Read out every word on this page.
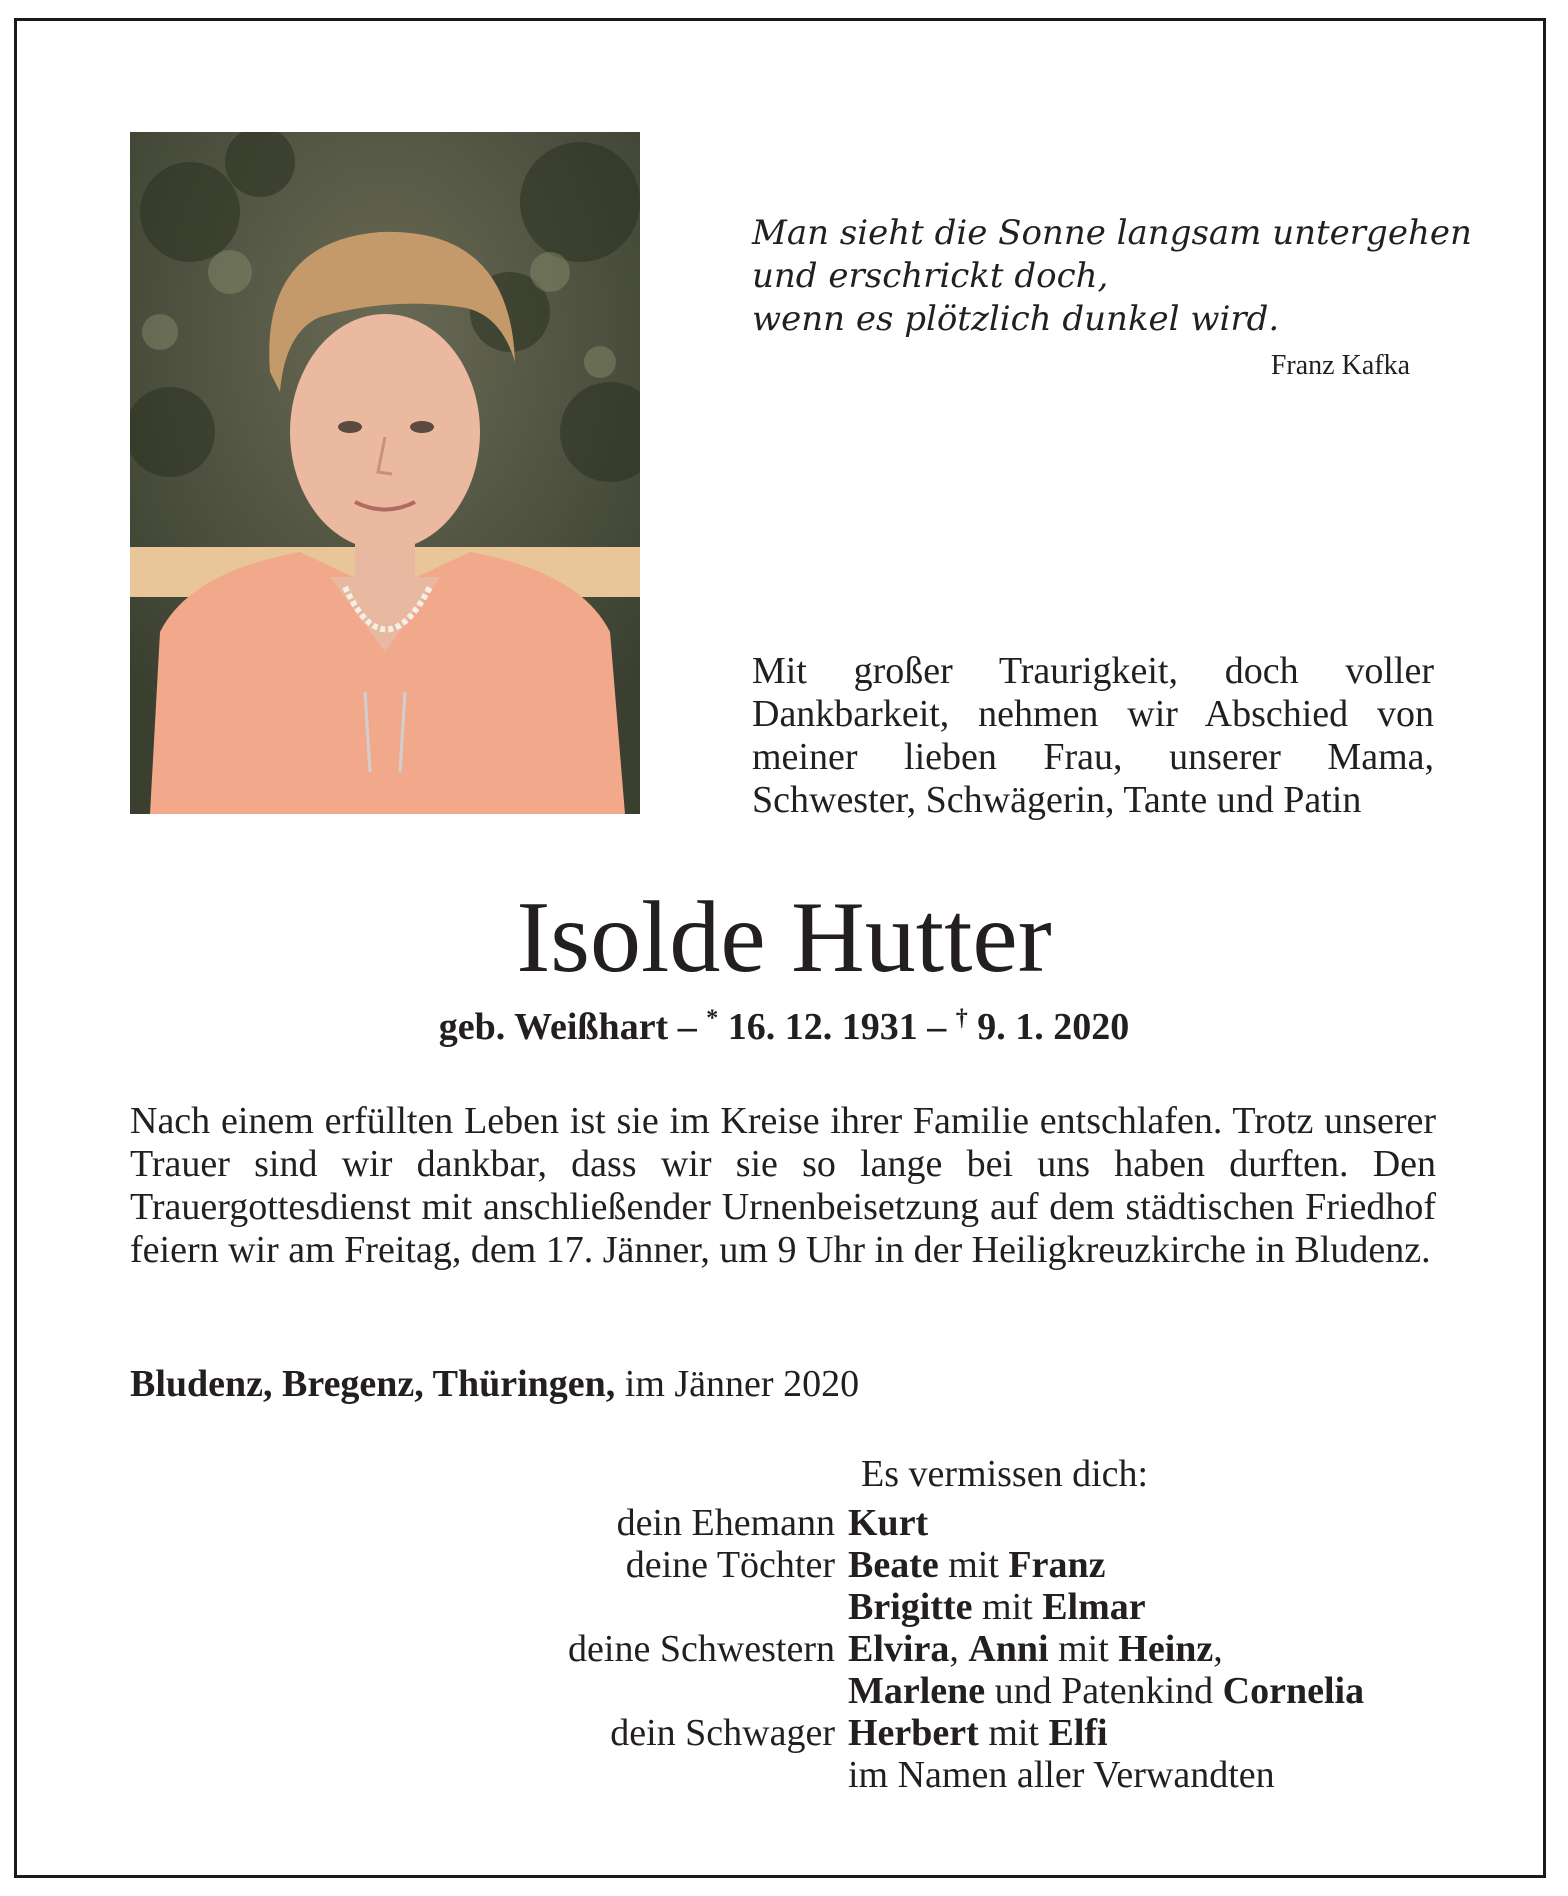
Man sieht die Sonne langsam untergehen
und erschrickt doch,
wenn es plötzlich dunkel wird.
Franz Kafka
Mit großer Traurigkeit, doch voller Dankbarkeit, nehmen wir Abschied von meiner lieben Frau, unserer Mama, Schwester, Schwägerin, Tante und Patin
Isolde Hutter
geb. Weißhart – * 16. 12. 1931 – † 9. 1. 2020
Nach einem erfüllten Leben ist sie im Kreise ihrer Familie entschlafen. Trotz unserer Trauer sind wir dankbar, dass wir sie so lange bei uns haben durften. Den Trauergottesdienst mit anschließender Urnenbeisetzung auf dem städtischen Friedhof feiern wir am Freitag, dem 17. Jänner, um 9 Uhr in der Heiligkreuzkirche in Bludenz.
Bludenz, Bregenz, Thüringen, im Jänner 2020
Es vermissen dich:
dein Ehemann Kurt
deine Töchter Beate mit Franz
Brigitte mit Elmar
deine Schwestern Elvira, Anni mit Heinz,
Marlene und Patenkind Cornelia
dein Schwager Herbert mit Elfi
im Namen aller Verwandten
